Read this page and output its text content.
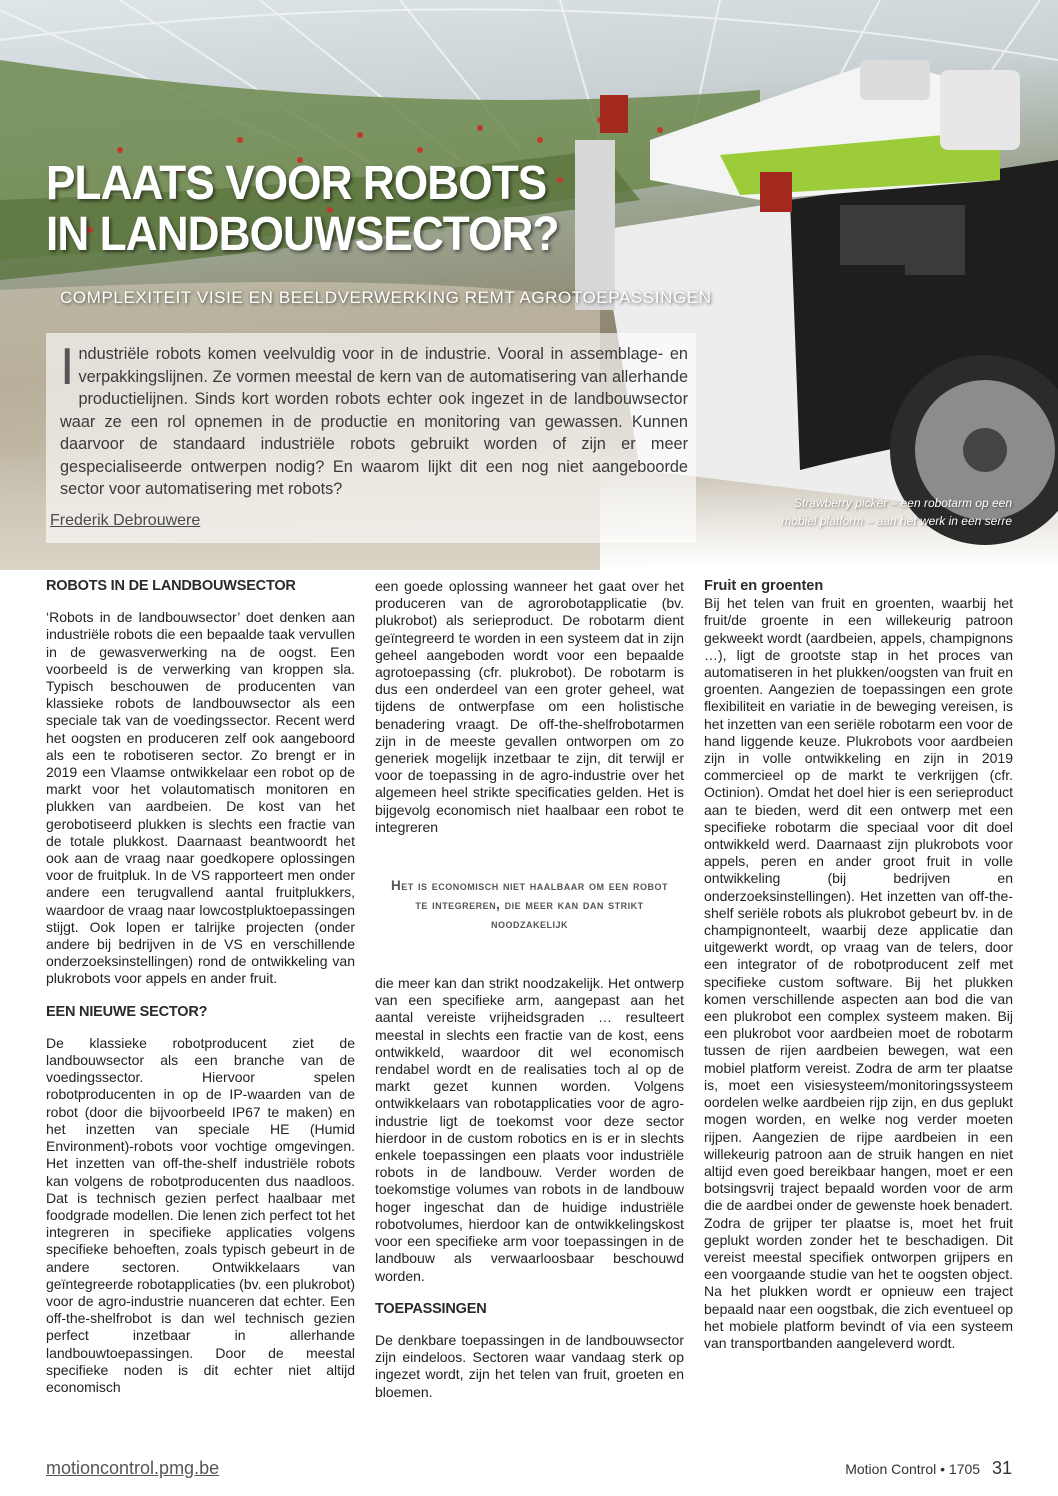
PLAATS VOOR ROBOTS
IN LANDBOUWSECTOR?
COMPLEXITEIT VISIE EN BEELDVERWERKING REMT AGROTOEPASSINGEN

Industriële robots komen veelvuldig voor in de industrie. Vooral in assemblage- en verpakkingslijnen. Ze vormen meestal de kern van de automatisering van allerhande productielijnen. Sinds kort worden robots echter ook ingezet in de landbouwsector waar ze een rol opnemen in de productie en monitoring van gewassen. Kunnen daarvoor de standaard industriële robots gebruikt worden of zijn er meer gespecialiseerde ontwerpen nodig? En waarom lijkt dit een nog niet aangeboorde sector voor automatisering met robots?

Frederik Debrouwere
Strawberry picker – een robotarm op een
mobiel platform – aan het werk in een serre
ROBOTS IN DE LANDBOUWSECTOR

‘Robots in de landbouwsector’ doet denken aan industriële robots die een bepaalde taak vervullen in de gewasverwerking na de oogst. Een voorbeeld is de verwerking van kroppen sla. Typisch beschouwen de producenten van klassieke robots de landbouwsector als een speciale tak van de voedingssector. Recent werd het oogsten en produceren zelf ook aangeboord als een te robotiseren sector. Zo brengt er in 2019 een Vlaamse ontwikkelaar een robot op de markt voor het volautomatisch monitoren en plukken van aardbeien. De kost van het gerobotiseerd plukken is slechts een fractie van de totale plukkost. Daarnaast beantwoordt het ook aan de vraag naar goedkopere oplossingen voor de fruitpluk. In de VS rapporteert men onder andere een terugvallend aantal fruitplukkers, waardoor de vraag naar lowcostpluktoepassingen stijgt. Ook lopen er talrijke projecten (onder andere bij bedrijven in de VS en verschillende onderzoeksinstellingen) rond de ontwikkeling van plukrobots voor appels en ander fruit.

EEN NIEUWE SECTOR?

De klassieke robotproducent ziet de landbouwsector als een branche van de voedingssector. Hiervoor spelen robotproducenten in op de IP-waarden van de robot (door die bijvoorbeeld IP67 te maken) en het inzetten van speciale HE (Humid Environment)-robots voor vochtige omgevingen. Het inzetten van off-the-shelf industriële robots kan volgens de robotproducenten dus naadloos. Dat is technisch gezien perfect haalbaar met foodgrade modellen. Die lenen zich perfect tot het integreren in specifieke applicaties volgens specifieke behoeften, zoals typisch gebeurt in de andere sectoren. Ontwikkelaars van geïntegreerde robotapplicaties (bv. een plukrobot) voor de agro-industrie nuanceren dat echter. Een off-the-shelfrobot is dan wel technisch gezien perfect inzetbaar in allerhande landbouwtoepassingen. Door de meestal specifieke noden is dit echter niet altijd economisch

een goede oplossing wanneer het gaat over het produceren van de agrorobotapplicatie (bv. plukrobot) als serieproduct. De robotarm dient geïntegreerd te worden in een systeem dat in zijn geheel aangeboden wordt voor een bepaalde agrotoepassing (cfr. plukrobot). De robotarm is dus een onderdeel van een groter geheel, wat tijdens de ontwerpfase om een holistische benadering vraagt. De off-the-shelfrobotarmen zijn in de meeste gevallen ontworpen om zo generiek mogelijk inzetbaar te zijn, dit terwijl er voor de toepassing in de agro-industrie over het algemeen heel strikte specificaties gelden. Het is bijgevolg economisch niet haalbaar een robot te integreren

Het is economisch niet haalbaar om een robot te integreren, die meer kan dan strikt noodzakelijk

die meer kan dan strikt noodzakelijk. Het ontwerp van een specifieke arm, aangepast aan het aantal vereiste vrijheidsgraden … resulteert meestal in slechts een fractie van de kost, eens ontwikkeld, waardoor dit wel economisch rendabel wordt en de realisaties toch al op de markt gezet kunnen worden. Volgens ontwikkelaars van robotapplicaties voor de agro-industrie ligt de toekomst voor deze sector hierdoor in de custom robotics en is er in slechts enkele toepassingen een plaats voor industriële robots in de landbouw. Verder worden de toekomstige volumes van robots in de landbouw hoger ingeschat dan de huidige industriële robotvolumes, hierdoor kan de ontwikkelingskost voor een specifieke arm voor toepassingen in de landbouw als verwaarloosbaar beschouwd worden.

TOEPASSINGEN

De denkbare toepassingen in de landbouwsector zijn eindeloos. Sectoren waar vandaag sterk op ingezet wordt, zijn het telen van fruit, groeten en bloemen.

Fruit en groenten

Bij het telen van fruit en groenten, waarbij het fruit/de groente in een willekeurig patroon gekweekt wordt (aardbeien, appels, champignons …), ligt de grootste stap in het proces van automatiseren in het plukken/oogsten van fruit en groenten. Aangezien de toepassingen een grote flexibiliteit en variatie in de beweging vereisen, is het inzetten van een seriële robotarm een voor de hand liggende keuze. Plukrobots voor aardbeien zijn in volle ontwikkeling en zijn in 2019 commercieel op de markt te verkrijgen (cfr. Octinion). Omdat het doel hier is een serieproduct aan te bieden, werd dit een ontwerp met een specifieke robotarm die speciaal voor dit doel ontwikkeld werd. Daarnaast zijn plukrobots voor appels, peren en ander groot fruit in volle ontwikkeling (bij bedrijven en onderzoeksinstellingen). Het inzetten van off-the-shelf seriële robots als plukrobot gebeurt bv. in de champignonteelt, waarbij deze applicatie dan uitgewerkt wordt, op vraag van de telers, door een integrator of de robotproducent zelf met specifieke custom software. Bij het plukken komen verschillende aspecten aan bod die van een plukrobot een complex systeem maken. Bij een plukrobot voor aardbeien moet de robotarm tussen de rijen aardbeien bewegen, wat een mobiel platform vereist. Zodra de arm ter plaatse is, moet een visiesysteem/monitoringssysteem oordelen welke aardbeien rijp zijn, en dus geplukt mogen worden, en welke nog verder moeten rijpen. Aangezien de rijpe aardbeien in een willekeurig patroon aan de struik hangen en niet altijd even goed bereikbaar hangen, moet er een botsingsvrij traject bepaald worden voor de arm die de aardbei onder de gewenste hoek benadert. Zodra de grijper ter plaatse is, moet het fruit geplukt worden zonder het te beschadigen. Dit vereist meestal specifiek ontworpen grijpers en een voorgaande studie van het te oogsten object. Na het plukken wordt er opnieuw een traject bepaald naar een oogstbak, die zich eventueel op het mobiele platform bevindt of via een systeem van transportbanden aangeleverd wordt.

motioncontrol.pmg.be	Motion Control • 1705 31
